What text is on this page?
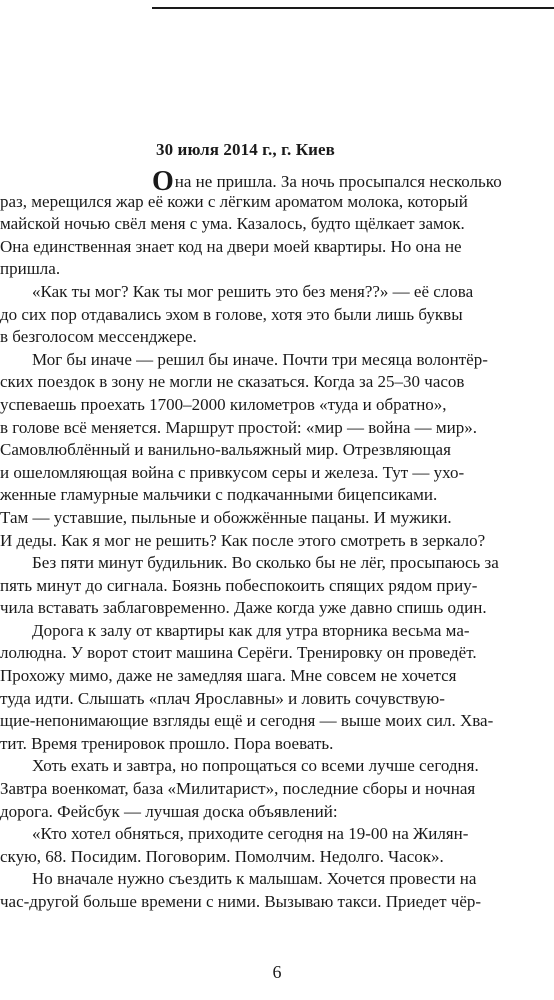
30 июля 2014 г., г. Киев
Она не пришла. За ночь просыпался несколько
раз, мерещился жар её кожи с лёгким ароматом молока, который
майской ночью свёл меня с ума. Казалось, будто щёлкает замок.
Она единственная знает код на двери моей квартиры. Но она не
пришла.
«Как ты мог? Как ты мог решить это без меня??» — её слова
до сих пор отдавались эхом в голове, хотя это были лишь буквы
в безголосом мессенджере.
Мог бы иначе — решил бы иначе. Почти три месяца волонтёр-
ских поездок в зону не могли не сказаться. Когда за 25–30 часов
успеваешь проехать 1700–2000 километров «туда и обратно»,
в голове всё меняется. Маршрут простой: «мир — война — мир».
Самовлюблённый и ванильно-вальяжный мир. Отрезвляющая
и ошеломляющая война с привкусом серы и железа. Тут — ухо-
женные гламурные мальчики с подкачанными бицепсиками.
Там — уставшие, пыльные и обожжённые пацаны. И мужики.
И деды. Как я мог не решить? Как после этого смотреть в зеркало?
Без пяти минут будильник. Во сколько бы не лёг, просыпаюсь за
пять минут до сигнала. Боязнь побеспокоить спящих рядом приу-
чила вставать заблаговременно. Даже когда уже давно спишь один.
Дорога к залу от квартиры как для утра вторника весьма ма-
лолюдна. У ворот стоит машина Серёги. Тренировку он проведёт.
Прохожу мимо, даже не замедляя шага. Мне совсем не хочется
туда идти. Слышать «плач Ярославны» и ловить сочувствую-
щие-непонимающие взгляды ещё и сегодня — выше моих сил. Хва-
тит. Время тренировок прошло. Пора воевать.
Хоть ехать и завтра, но попрощаться со всеми лучше сегодня.
Завтра военкомат, база «Милитарист», последние сборы и ночная
дорога. Фейсбук — лучшая доска объявлений:
«Кто хотел обняться, приходите сегодня на 19-00 на Жилян-
скую, 68. Посидим. Поговорим. Помолчим. Недолго. Часок».
Но вначале нужно съездить к малышам. Хочется провести на
час-другой больше времени с ними. Вызываю такси. Приедет чёр-
6
